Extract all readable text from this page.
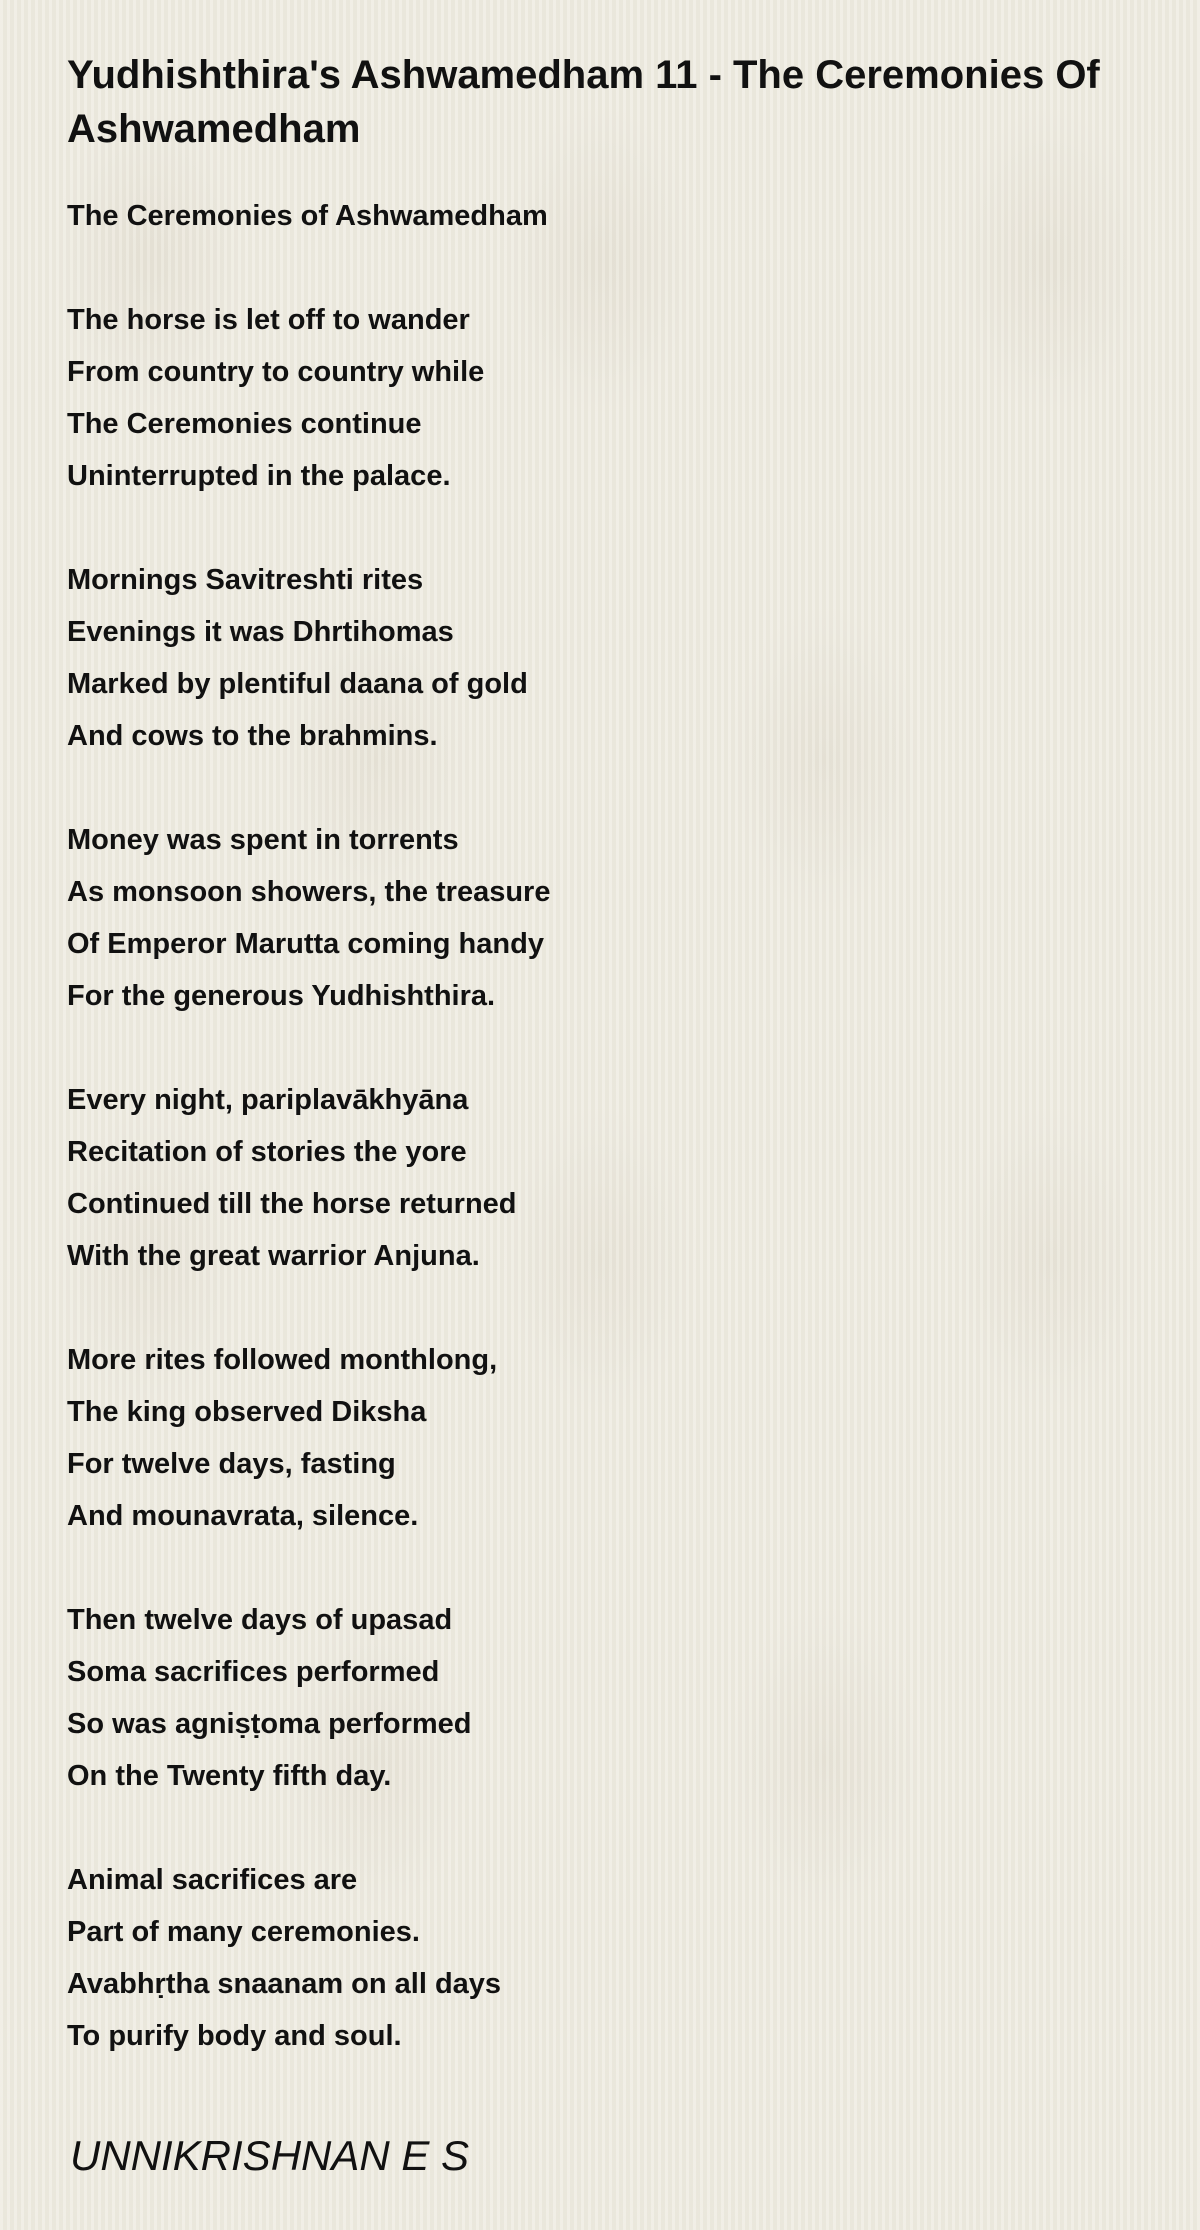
Yudhishthira's Ashwamedham 11 - The Ceremonies Of Ashwamedham
The Ceremonies of Ashwamedham
The horse is let off to wander
From country to country while
The Ceremonies continue
Uninterrupted in the palace.
Mornings Savitreshti rites
Evenings it was Dhrtihomas
Marked by plentiful daana of gold
And cows to the brahmins.
Money was spent in torrents
As monsoon showers, the treasure
Of Emperor Marutta coming handy
For the generous Yudhishthira.
Every night, pariplavākhyāna
Recitation of stories the yore
Continued till the horse returned
With the great warrior Anjuna.
More rites followed monthlong,
The king observed Diksha
For twelve days, fasting
And mounavrata, silence.
Then twelve days of upasad
Soma sacrifices performed
So was agniṣṭoma performed
On the Twenty fifth day.
Animal sacrifices are
Part of many ceremonies.
Avabhṛtha snaanam on all days
To purify body and soul.
UNNIKRISHNAN E S
